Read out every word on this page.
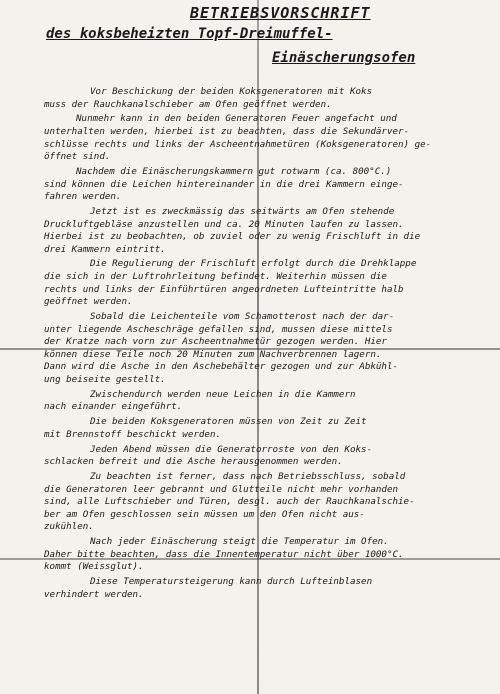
BETRIEBSVORSCHRIFT
des koksbeheizten Topf-Dreimuffel-
Einäscherungsofen
Vor Beschickung der beiden Koksgeneratoren mit Koks
muss der Rauchkanalschieber am Ofen geöffnet werden.
Nunmehr kann in den beiden Generatoren Feuer angefacht und
unterhalten werden, hierbei ist zu beachten, dass die Sekundärver-
schlüsse rechts und links der Ascheentnahmetüren (Koksgeneratoren) ge-
öffnet sind.
Nachdem die Einäscherungskammern gut rotwarm (ca. 800°C.)
sind können die Leichen hintereinander in die drei Kammern einge-
fahren werden.
Jetzt ist es zweckmässig das seitwärts am Ofen stehende
Druckluftgebläse anzustellen und ca. 20 Minuten laufen zu lassen.
Hierbei ist zu beobachten, ob zuviel oder zu wenig Frischluft in die
drei Kammern eintritt.
Die Regulierung der Frischluft erfolgt durch die Drehklappe
die sich in der Luftrohrleitung befindet. Weiterhin müssen die
rechts und links der Einführtüren angeordneten Lufteintritte halb
geöffnet werden.
Sobald die Leichenteile vom Schamotterost nach der dar-
unter liegende Ascheschräge gefallen sind, mussen diese mittels
der Kratze nach vorn zur Ascheentnahmetür gezogen werden. Hier
können diese Teile noch 20 Minuten zum Nachverbrennen lagern.
Dann wird die Asche in den Aschebehälter gezogen und zur Abkühl-
ung beiseite gestellt.
Zwischendurch werden neue Leichen in die Kammern
nach einander eingeführt.
Die beiden Koksgeneratoren müssen von Zeit zu Zeit
mit Brennstoff beschickt werden.
Jeden Abend müssen die Generatorroste von den Koks-
schlacken befreit und die Asche herausgenommen werden.
Zu beachten ist ferner, dass nach Betriebsschluss, sobald
die Generatoren leer gebrannt und Glutteile nicht mehr vorhanden
sind, alle Luftschieber und Türen, desgl. auch der Rauchkanalschie-
ber am Ofen geschlossen sein müssen um den Ofen nicht aus-
zukühlen.
Nach jeder Einäscherung steigt die Temperatur im Ofen.
Daher bitte beachten, dass die Innentemperatur nicht über 1000°C.
kommt (Weissglut).
Diese Temperatursteigerung kann durch Lufteinblasen
verhindert werden.
